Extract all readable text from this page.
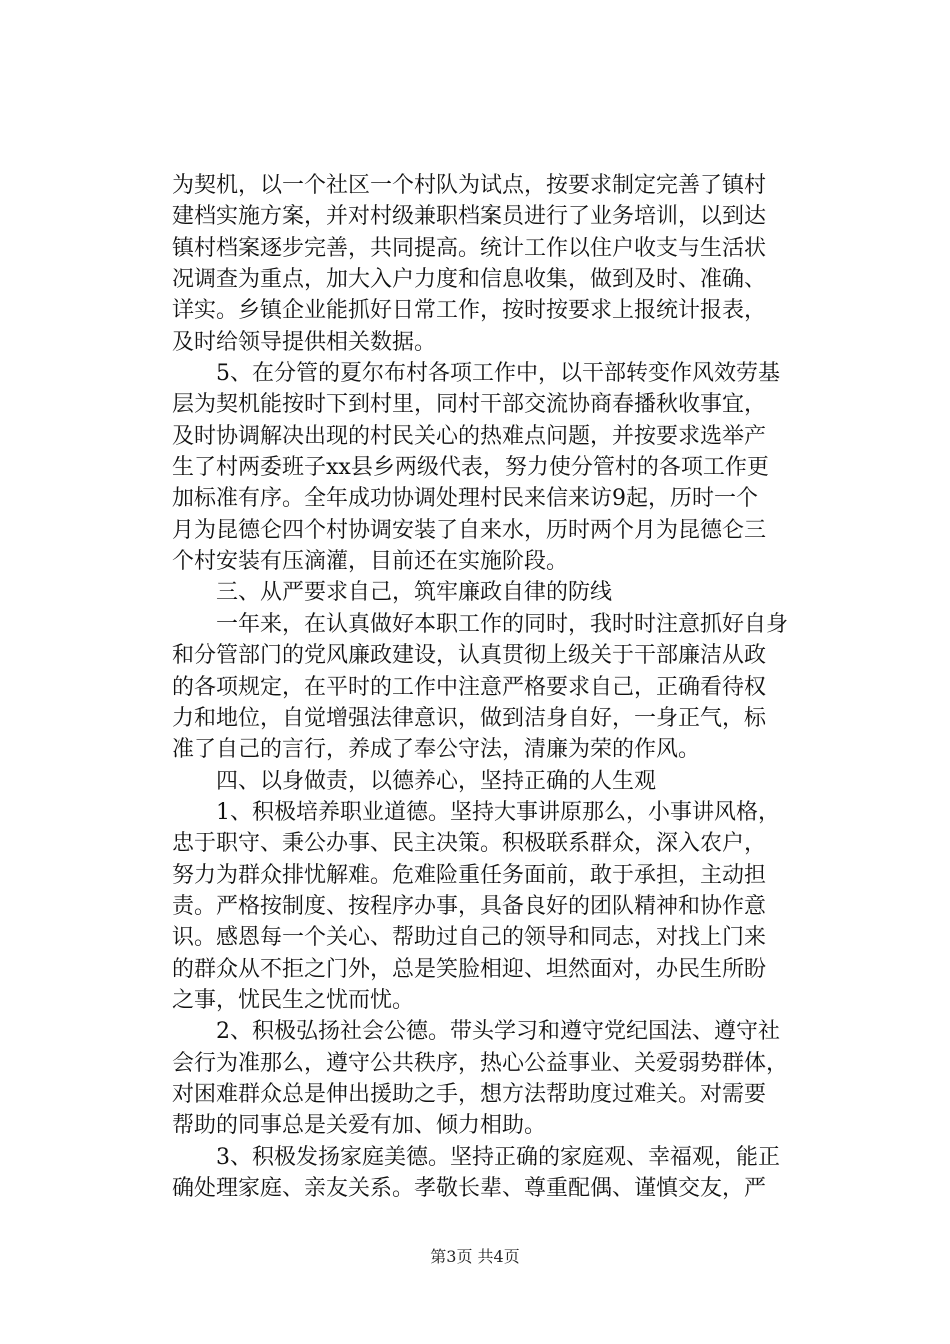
为契机，以一个社区一个村队为试点，按要求制定完善了镇村
建档实施方案，并对村级兼职档案员进行了业务培训，以到达
镇村档案逐步完善，共同提高。统计工作以住户收支与生活状
况调查为重点，加大入户力度和信息收集，做到及时、准确、
详实。乡镇企业能抓好日常工作，按时按要求上报统计报表，
及时给领导提供相关数据。
　　5、在分管的夏尔布村各项工作中，以干部转变作风效劳基
层为契机能按时下到村里，同村干部交流协商春播秋收事宜，
及时协调解决出现的村民关心的热难点问题，并按要求选举产
生了村两委班子xx县乡两级代表，努力使分管村的各项工作更
加标准有序。全年成功协调处理村民来信来访9起，历时一个
月为昆德仑四个村协调安装了自来水，历时两个月为昆德仑三
个村安装有压滴灌，目前还在实施阶段。
　　三、从严要求自己，筑牢廉政自律的防线
　　一年来，在认真做好本职工作的同时，我时时注意抓好自身
和分管部门的党风廉政建设，认真贯彻上级关于干部廉洁从政
的各项规定，在平时的工作中注意严格要求自己，正确看待权
力和地位，自觉增强法律意识，做到洁身自好，一身正气，标
准了自己的言行，养成了奉公守法，清廉为荣的作风。
　　四、以身做责，以德养心，坚持正确的人生观
　　1、积极培养职业道德。坚持大事讲原那么，小事讲风格，
忠于职守、秉公办事、民主决策。积极联系群众，深入农户，
努力为群众排忧解难。危难险重任务面前，敢于承担，主动担
责。严格按制度、按程序办事，具备良好的团队精神和协作意
识。感恩每一个关心、帮助过自己的领导和同志，对找上门来
的群众从不拒之门外，总是笑脸相迎、坦然面对，办民生所盼
之事，忧民生之忧而忧。
　　2、积极弘扬社会公德。带头学习和遵守党纪国法、遵守社
会行为准那么，遵守公共秩序，热心公益事业、关爱弱势群体，
对困难群众总是伸出援助之手，想方法帮助度过难关。对需要
帮助的同事总是关爱有加、倾力相助。
　　3、积极发扬家庭美德。坚持正确的家庭观、幸福观，能正
确处理家庭、亲友关系。孝敬长辈、尊重配偶、谨慎交友，严
第3页 共4页
